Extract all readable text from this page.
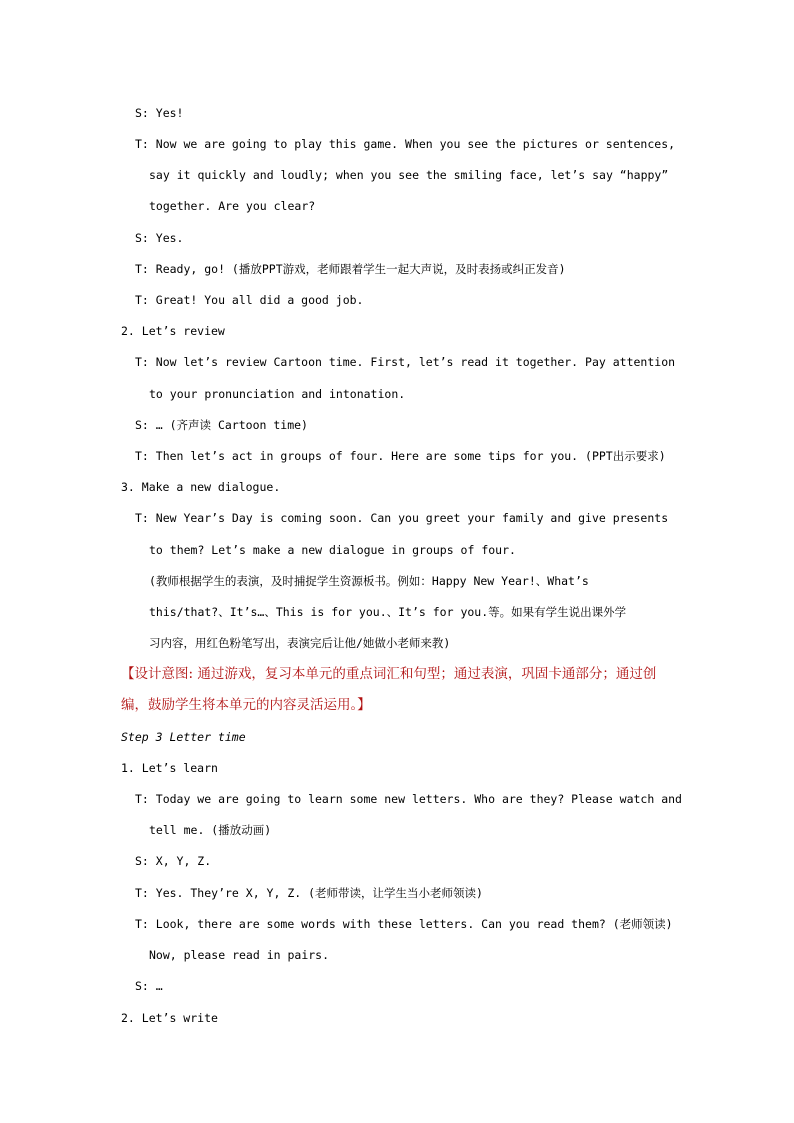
S: Yes!

T: Now we are going to play this game. When you see the pictures or sentences,

say it quickly and loudly; when you see the smiling face, let’s say “happy”

together. Are you clear?

S: Yes.

T: Ready, go! (播放PPT游戏，老师跟着学生一起大声说，及时表扬或纠正发音)

T: Great! You all did a good job.

2. Let’s review

T: Now let’s review Cartoon time. First, let’s read it together. Pay attention

to your pronunciation and intonation.

S: … (齐声读 Cartoon time)

T: Then let’s act in groups of four. Here are some tips for you. (PPT出示要求)

3. Make a new dialogue.

T: New Year’s Day is coming soon. Can you greet your family and give presents

to them? Let’s make a new dialogue in groups of four.

(教师根据学生的表演，及时捕捉学生资源板书。例如：Happy New Year!、What’s

this/that?、It’s…、This is for you.、It’s for you.等。如果有学生说出课外学

习内容，用红色粉笔写出，表演完后让他/她做小老师来教)

【设计意图: 通过游戏，复习本单元的重点词汇和句型；通过表演，巩固卡通部分；通过创

编，鼓励学生将本单元的内容灵活运用。】

Step 3 Letter time

1. Let’s learn

T: Today we are going to learn some new letters. Who are they? Please watch and

tell me. (播放动画)

S: X, Y, Z.

T: Yes. They’re X, Y, Z. (老师带读，让学生当小老师领读)

T: Look, there are some words with these letters. Can you read them? (老师领读)

Now, please read in pairs.

S: …

2. Let’s write
